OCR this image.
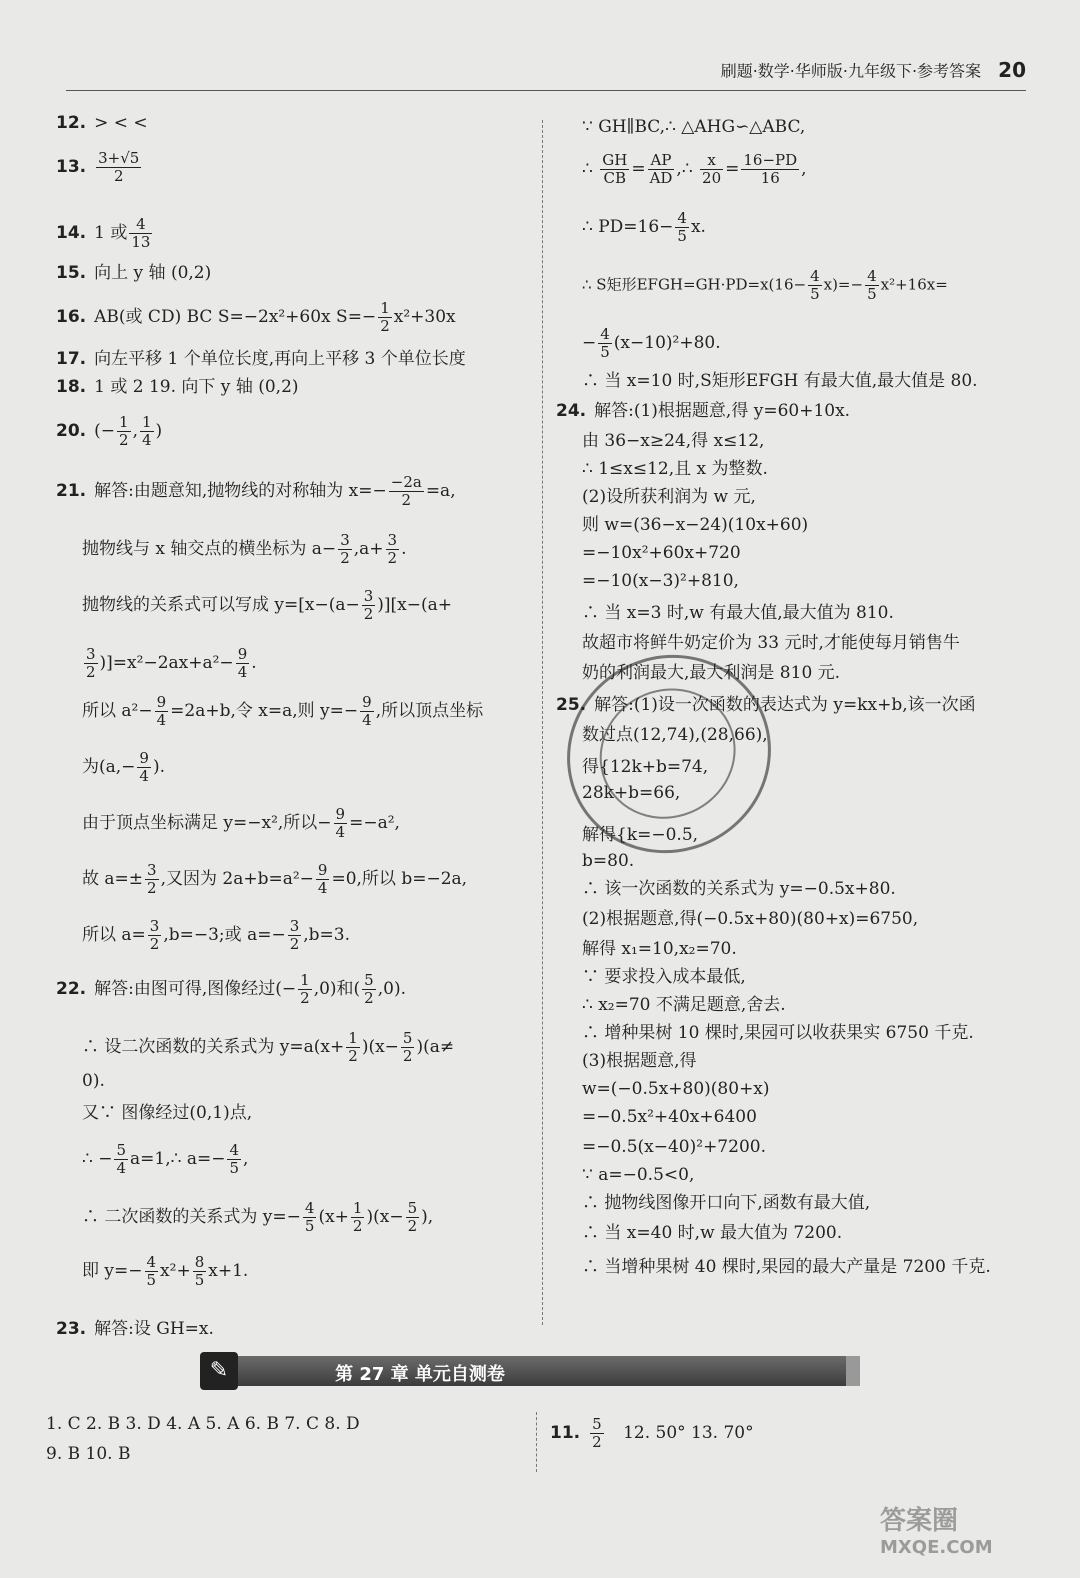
刷题·数学·华师版·九年级下·参考答案 20
12. > < <
13. $\frac{3+√5}{2}$
14. 1 或 $\frac{4}{13}$
15. 向上 y 轴 (0,2)
16. AB(或 CD) BC S=−2x²+60x $S=- \frac{1}{2} x^2+30x$
17. 向左平移 1 个单位长度,再向上平移 3 个单位长度
18. 1 或 2 19. 向下 y 轴 (0,2)
20. (− $\frac{1}{2}$ , $\frac{1}{4}$ )
21. 解答:由题意知,抛物线的对称轴为 $x=- \frac{-2a}{2} =a$,
抛物线与 x 轴交点的横坐标为 $a- \frac{3}{2} ,a+ \frac{3}{2}$ .
抛物线的关系式可以写成 $y=[x-(a- \frac{3}{2} )][x-(a+$
$\frac{3}{2} )]=x^2-2ax+a^2- \frac{9}{4}$ .
所以 $a^2- \frac{9}{4} =2a+b$,令 x=a,则 $y=- \frac{9}{4}$ ,所以顶点坐标
为($a,- \frac{9}{4}$ ).
由于顶点坐标满足 y=−x²,所以− $\frac{9}{4} =-a^2$,
故 $a=\pm \frac{3}{2}$ ,又因为 $2a+b=a^2- \frac{9}{4} =0$,所以 b=−2a,
所以 $a= \frac{3}{2} ,b=-3$;或 $a=- \frac{3}{2} ,b=3$.
22. 解答:由图可得,图像经过(− $\frac{1}{2} ,0$)和( $\frac{5}{2} ,0$).
∴ 设二次函数的关系式为 $y=a(x+ \frac{1}{2} )(x- \frac{5}{2} )(a\ne$
0).
又∵ 图像经过(0,1)点,
∴ − $\frac{5}{4}$ a=1,∴ $a=- \frac{4}{5}$ ,
∴ 二次函数的关系式为 $y=- \frac{4}{5} (x+ \frac{1}{2} )(x- \frac{5}{2}$ ),
即 $y=- \frac{4}{5} x^2+ \frac{8}{5} x+1$.
23. 解答:设 GH=x.
∵ GH∥BC,∴ △AHG∽△ABC,
∴ $\frac{GH}{CB} = \frac{AP}{AD}$ ,∴ $\frac{x}{20} = \frac{16-PD}{16}$ ,
∴ $PD=16- \frac{4}{5} x$.
∴ S矩形EFGH=GH·PD=x(16− $\frac{4}{5} x)=- \frac{4}{5} x^2+16x=$
− $\frac{4}{5} (x-10)^2+80$.
∴ 当 x=10 时,S矩形EFGH 有最大值,最大值是 80.
24. 解答:(1)根据题意,得 y=60+10x.
由 36−x≥24,得 x≤12,
∴ 1≤x≤12,且 x 为整数.
(2)设所获利润为 w 元,
则 w=(36−x−24)(10x+60)
=−10x²+60x+720
=−10(x−3)²+810,
∴ 当 x=3 时,w 有最大值,最大值为 810.
故超市将鲜牛奶定价为 33 元时,才能使每月销售牛
奶的利润最大,最大利润是 810 元.
25. 解答:(1)设一次函数的表达式为 y=kx+b,该一次函
数过点(12,74),(28,66),
得{12k+b=74,
28k+b=66,
解得{k=−0.5,
b=80.
∴ 该一次函数的关系式为 y=−0.5x+80.
(2)根据题意,得(−0.5x+80)(80+x)=6750,
解得 x₁=10,x₂=70.
∵ 要求投入成本最低,
∴ x₂=70 不满足题意,舍去.
∴ 增种果树 10 棵时,果园可以收获果实 6750 千克.
(3)根据题意,得
w=(−0.5x+80)(80+x)
=−0.5x²+40x+6400
=−0.5(x−40)²+7200.
∵ a=−0.5<0,
∴ 抛物线图像开口向下,函数有最大值,
∴ 当 x=40 时,w 最大值为 7200.
∴ 当增种果树 40 棵时,果园的最大产量是 7200 千克.
第 27 章 单元自测卷
✎
1. C 2. B 3. D 4. A 5. A 6. B 7. C 8. D
9. B 10. B
11. $\frac{5}{2} 12$. 50° 13. 70°
答案圈
MXQE.COM
